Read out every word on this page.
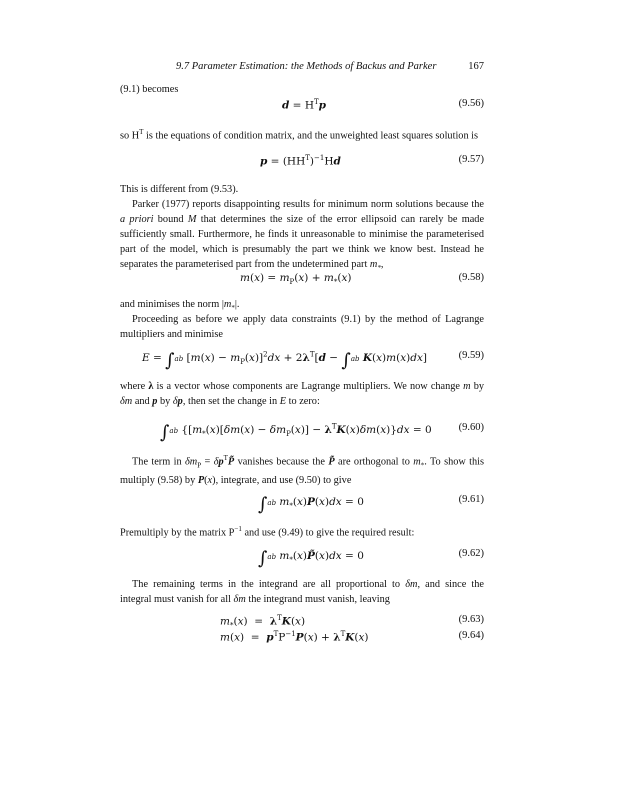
9.7 Parameter Estimation: the Methods of Backus and Parker	167
(9.1) becomes
$d = H^Tp$	(9.56)
so $H^T$ is the equations of condition matrix, and the unweighted least squares solution is
$p = (HH^T)^{-1}Hd$	(9.57)
This is different from (9.53).
Parker (1977) reports disappointing results for minimum norm solutions because the a priori bound M that determines the size of the error ellipsoid can rarely be made sufficiently small. Furthermore, he finds it unreasonable to minimise the parameterised part of the model, which is presumably the part we think we know best. Instead he separates the parameterised part from the undetermined part $m_*$,
$m(x) = m_P(x) + m_*(x)$	(9.58)
and minimises the norm $|m_*|$.
Proceeding as before we apply data constraints (9.1) by the method of Lagrange multipliers and minimise
E = ∫ab $[m(x) - m_P(x)]^2dx + 2\lambda^T[d - \int ab$ K(x)m(x)dx]	(9.59)
where λ is a vector whose components are Lagrange multipliers. We now change m by δm and p by δp, then set the change in E to zero:
∫ab {$[m_*(x)[\delta m(x) - \delta m_P(x)] - \lambda^TK(x)\delta m(x)\}dx = 0$	(9.60)
The term in $\delta m_P$ = $\delta p^TP̃$ vanishes because the P̃ are orthogonal to $m_*$. To show this multiply (9.58) by P(x), integrate, and use (9.50) to give
∫ab $m_*(x)P(x)dx = 0$	(9.61)
Premultiply by the matrix $P^{-1}$ and use (9.49) to give the required result:
∫ab $m_*(x)P̃(x)dx = 0$	(9.62)
The remaining terms in the integrand are all proportional to δm, and since the integral must vanish for all δm the integrand must vanish, leaving
$m_*(x) = \lambda^TK(x)$	(9.63)
$m(x) = p^TP^{-1}P(x) + \lambda^TK(x)$	(9.64)
